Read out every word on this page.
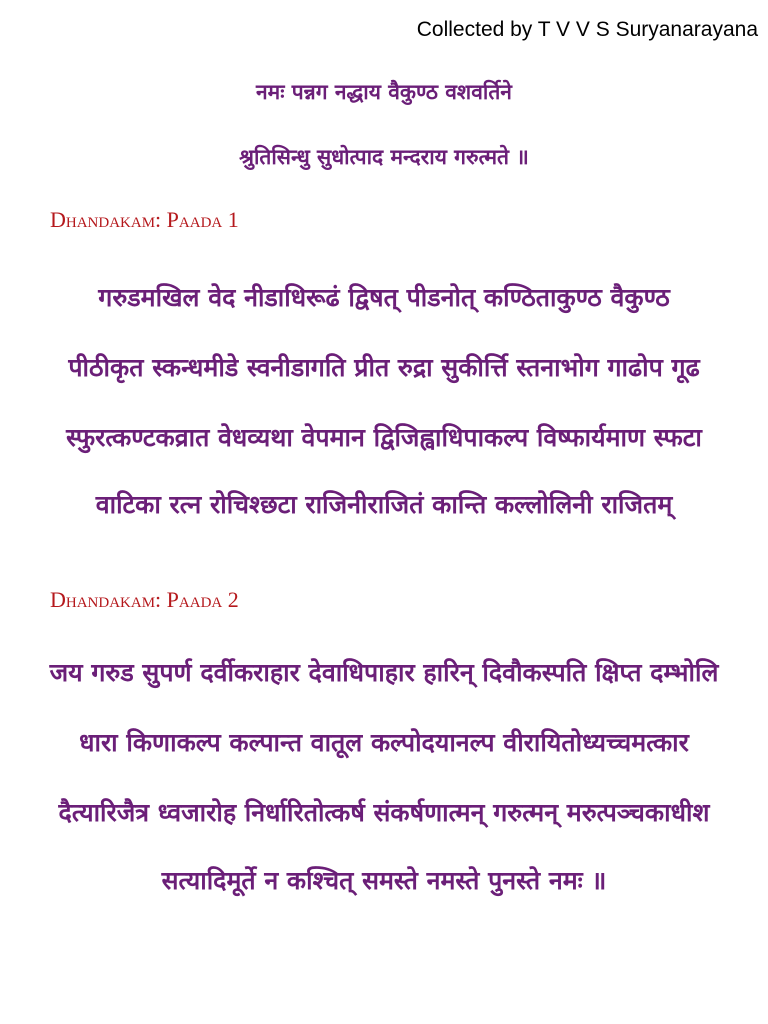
Collected by T V V S Suryanarayana
नमः पन्नग नद्धाय वैकुण्ठ वशवर्तिने
श्रुतिसिन्धु सुधोत्पाद मन्दराय गरुत्मते ॥
Dhandakam: Paada 1
गरुडमखिल वेद नीडाधिरूढं द्विषत् पीडनोत् कण्ठिताकुण्ठ वैकुण्ठ
पीठीकृत स्कन्धमीडे स्वनीडागति प्रीत रुद्रा सुकीर्त्ति स्तनाभोग गाढोप गूढ
स्फुरत्कण्टकव्रात वेधव्यथा वेपमान द्विजिह्वाधिपाकल्प विष्फार्यमाण स्फटा
वाटिका रत्न रोचिश्छटा राजिनीराजितं कान्ति कल्लोलिनी राजितम्
Dhandakam: Paada 2
जय गरुड सुपर्ण दर्वीकराहार देवाधिपाहार हारिन् दिवौकस्पति क्षिप्त दम्भोलि
धारा किणाकल्प कल्पान्त वातूल कल्पोदयानल्प वीरायितोध्यच्चमत्कार
दैत्यारिजैत्र ध्वजारोह निर्धारितोत्कर्ष संकर्षणात्मन् गरुत्मन् मरुत्पञ्चकाधीश
सत्यादिमूर्ते न कश्चित् समस्ते नमस्ते पुनस्ते नमः ॥
